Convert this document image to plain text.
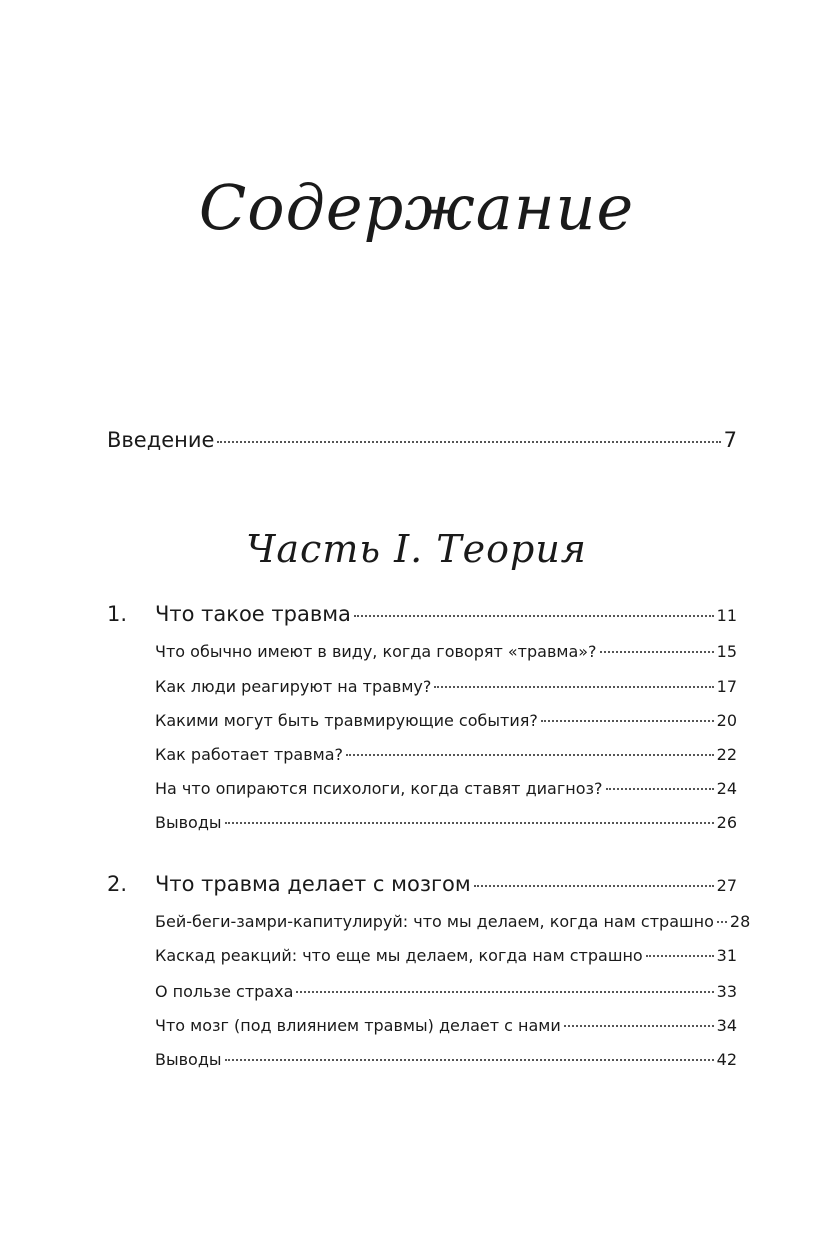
Содержание
Введение	7
Часть I. Теория
1.	Что такое травма	11
Что обычно имеют в виду, когда говорят «травма»?	15
Как люди реагируют на травму?	17
Какими могут быть травмирующие события?	20
Как работает травма?	22
На что опираются психологи, когда ставят диагноз?	24
Выводы	26
2.	Что травма делает с мозгом	27
Бей-беги-замри-капитулируй: что мы делаем, когда нам страшно 28
Каскад реакций: что еще мы делаем, когда нам страшно	31
О пользе страха	33
Что мозг (под влиянием травмы) делает с нами	34
Выводы	42
